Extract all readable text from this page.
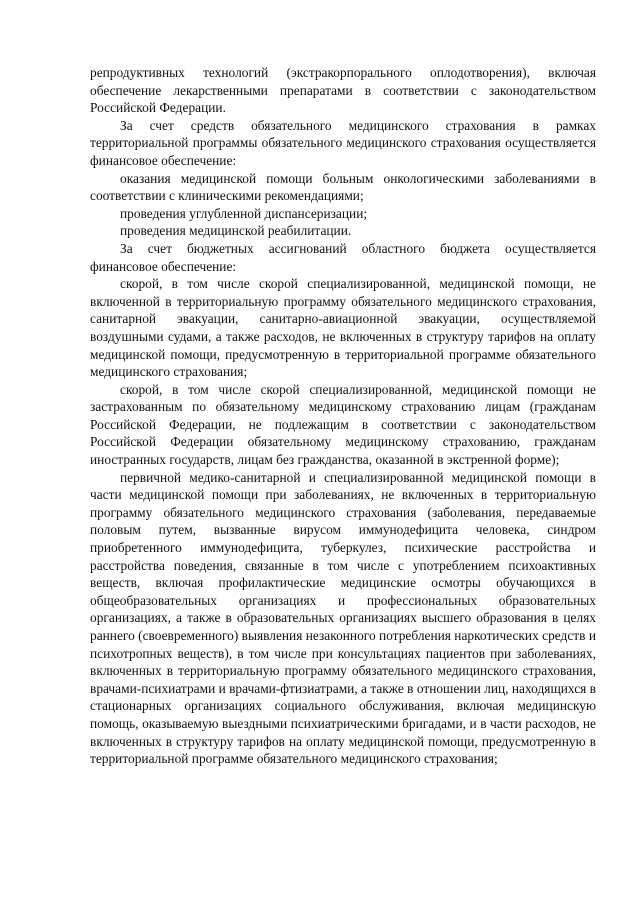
репродуктивных технологий (экстракорпорального оплодотворения), включая обеспечение лекарственными препаратами в соответствии с законодательством Российской Федерации.

За счет средств обязательного медицинского страхования в рамках территориальной программы обязательного медицинского страхования осуществляется финансовое обеспечение:

оказания медицинской помощи больным онкологическими заболеваниями в соответствии с клиническими рекомендациями;

проведения углубленной диспансеризации;

проведения медицинской реабилитации.

За счет бюджетных ассигнований областного бюджета осуществляется финансовое обеспечение:

скорой, в том числе скорой специализированной, медицинской помощи, не включенной в территориальную программу обязательного медицинского страхования, санитарной эвакуации, санитарно-авиационной эвакуации, осуществляемой воздушными судами, а также расходов, не включенных в структуру тарифов на оплату медицинской помощи, предусмотренную в территориальной программе обязательного медицинского страхования;

скорой, в том числе скорой специализированной, медицинской помощи не застрахованным по обязательному медицинскому страхованию лицам (гражданам Российской Федерации, не подлежащим в соответствии с законодательством Российской Федерации обязательному медицинскому страхованию, гражданам иностранных государств, лицам без гражданства, оказанной в экстренной форме);

первичной медико-санитарной и специализированной медицинской помощи в части медицинской помощи при заболеваниях, не включенных в территориальную программу обязательного медицинского страхования (заболевания, передаваемые половым путем, вызванные вирусом иммунодефицита человека, синдром приобретенного иммунодефицита, туберкулез, психические расстройства и расстройства поведения, связанные в том числе с употреблением психоактивных веществ, включая профилактические медицинские осмотры обучающихся в общеобразовательных организациях и профессиональных образовательных организациях, а также в образовательных организациях высшего образования в целях раннего (своевременного) выявления незаконного потребления наркотических средств и психотропных веществ), в том числе при консультациях пациентов при заболеваниях, включенных в территориальную программу обязательного медицинского страхования, врачами-психиатрами и врачами-фтизиатрами, а также в отношении лиц, находящихся в стационарных организациях социального обслуживания, включая медицинскую помощь, оказываемую выездными психиатрическими бригадами, и в части расходов, не включенных в структуру тарифов на оплату медицинской помощи, предусмотренную в территориальной программе обязательного медицинского страхования;
